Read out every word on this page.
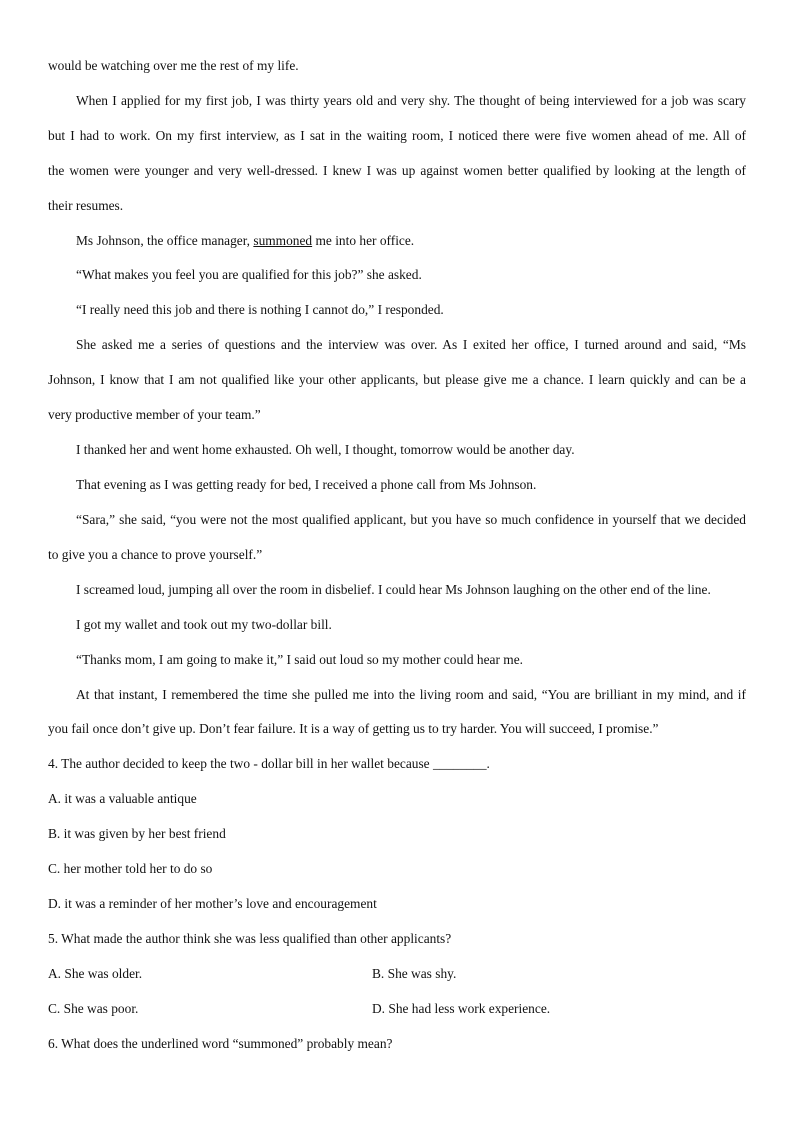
would be watching over me the rest of my life.
When I applied for my first job, I was thirty years old and very shy. The thought of being interviewed for a job was scary
but I had to work. On my first interview, as I sat in the waiting room, I noticed there were five women ahead of me. All of
the women were younger and very well-dressed. I knew I was up against women better qualified by looking at the length of
their resumes.
Ms Johnson, the office manager, summoned me into her office.
“What makes you feel you are qualified for this job?” she asked.
“I really need this job and there is nothing I cannot do,” I responded.
She asked me a series of questions and the interview was over. As I exited her office, I turned around and said, “Ms
Johnson, I know that I am not qualified like your other applicants, but please give me a chance. I learn quickly and can be a
very productive member of your team.”
I thanked her and went home exhausted. Oh well, I thought, tomorrow would be another day.
That evening as I was getting ready for bed, I received a phone call from Ms Johnson.
“Sara,” she said, “you were not the most qualified applicant, but you have so much confidence in yourself that we decided
to give you a chance to prove yourself.”
I screamed loud, jumping all over the room in disbelief. I could hear Ms Johnson laughing on the other end of the line.
I got my wallet and took out my two-dollar bill.
“Thanks mom, I am going to make it,” I said out loud so my mother could hear me.
At that instant, I remembered the time she pulled me into the living room and said, “You are brilliant in my mind, and if
you fail once don’t give up. Don’t fear failure. It is a way of getting us to try harder. You will succeed, I promise.”
4. The author decided to keep the two - dollar bill in her wallet because ________.
A. it was a valuable antique
B. it was given by her best friend
C. her mother told her to do so
D. it was a reminder of her mother’s love and encouragement
5. What made the author think she was less qualified than other applicants?
A. She was older.	B. She was shy.
C. She was poor.	D. She had less work experience.
6. What does the underlined word “summoned” probably mean?
